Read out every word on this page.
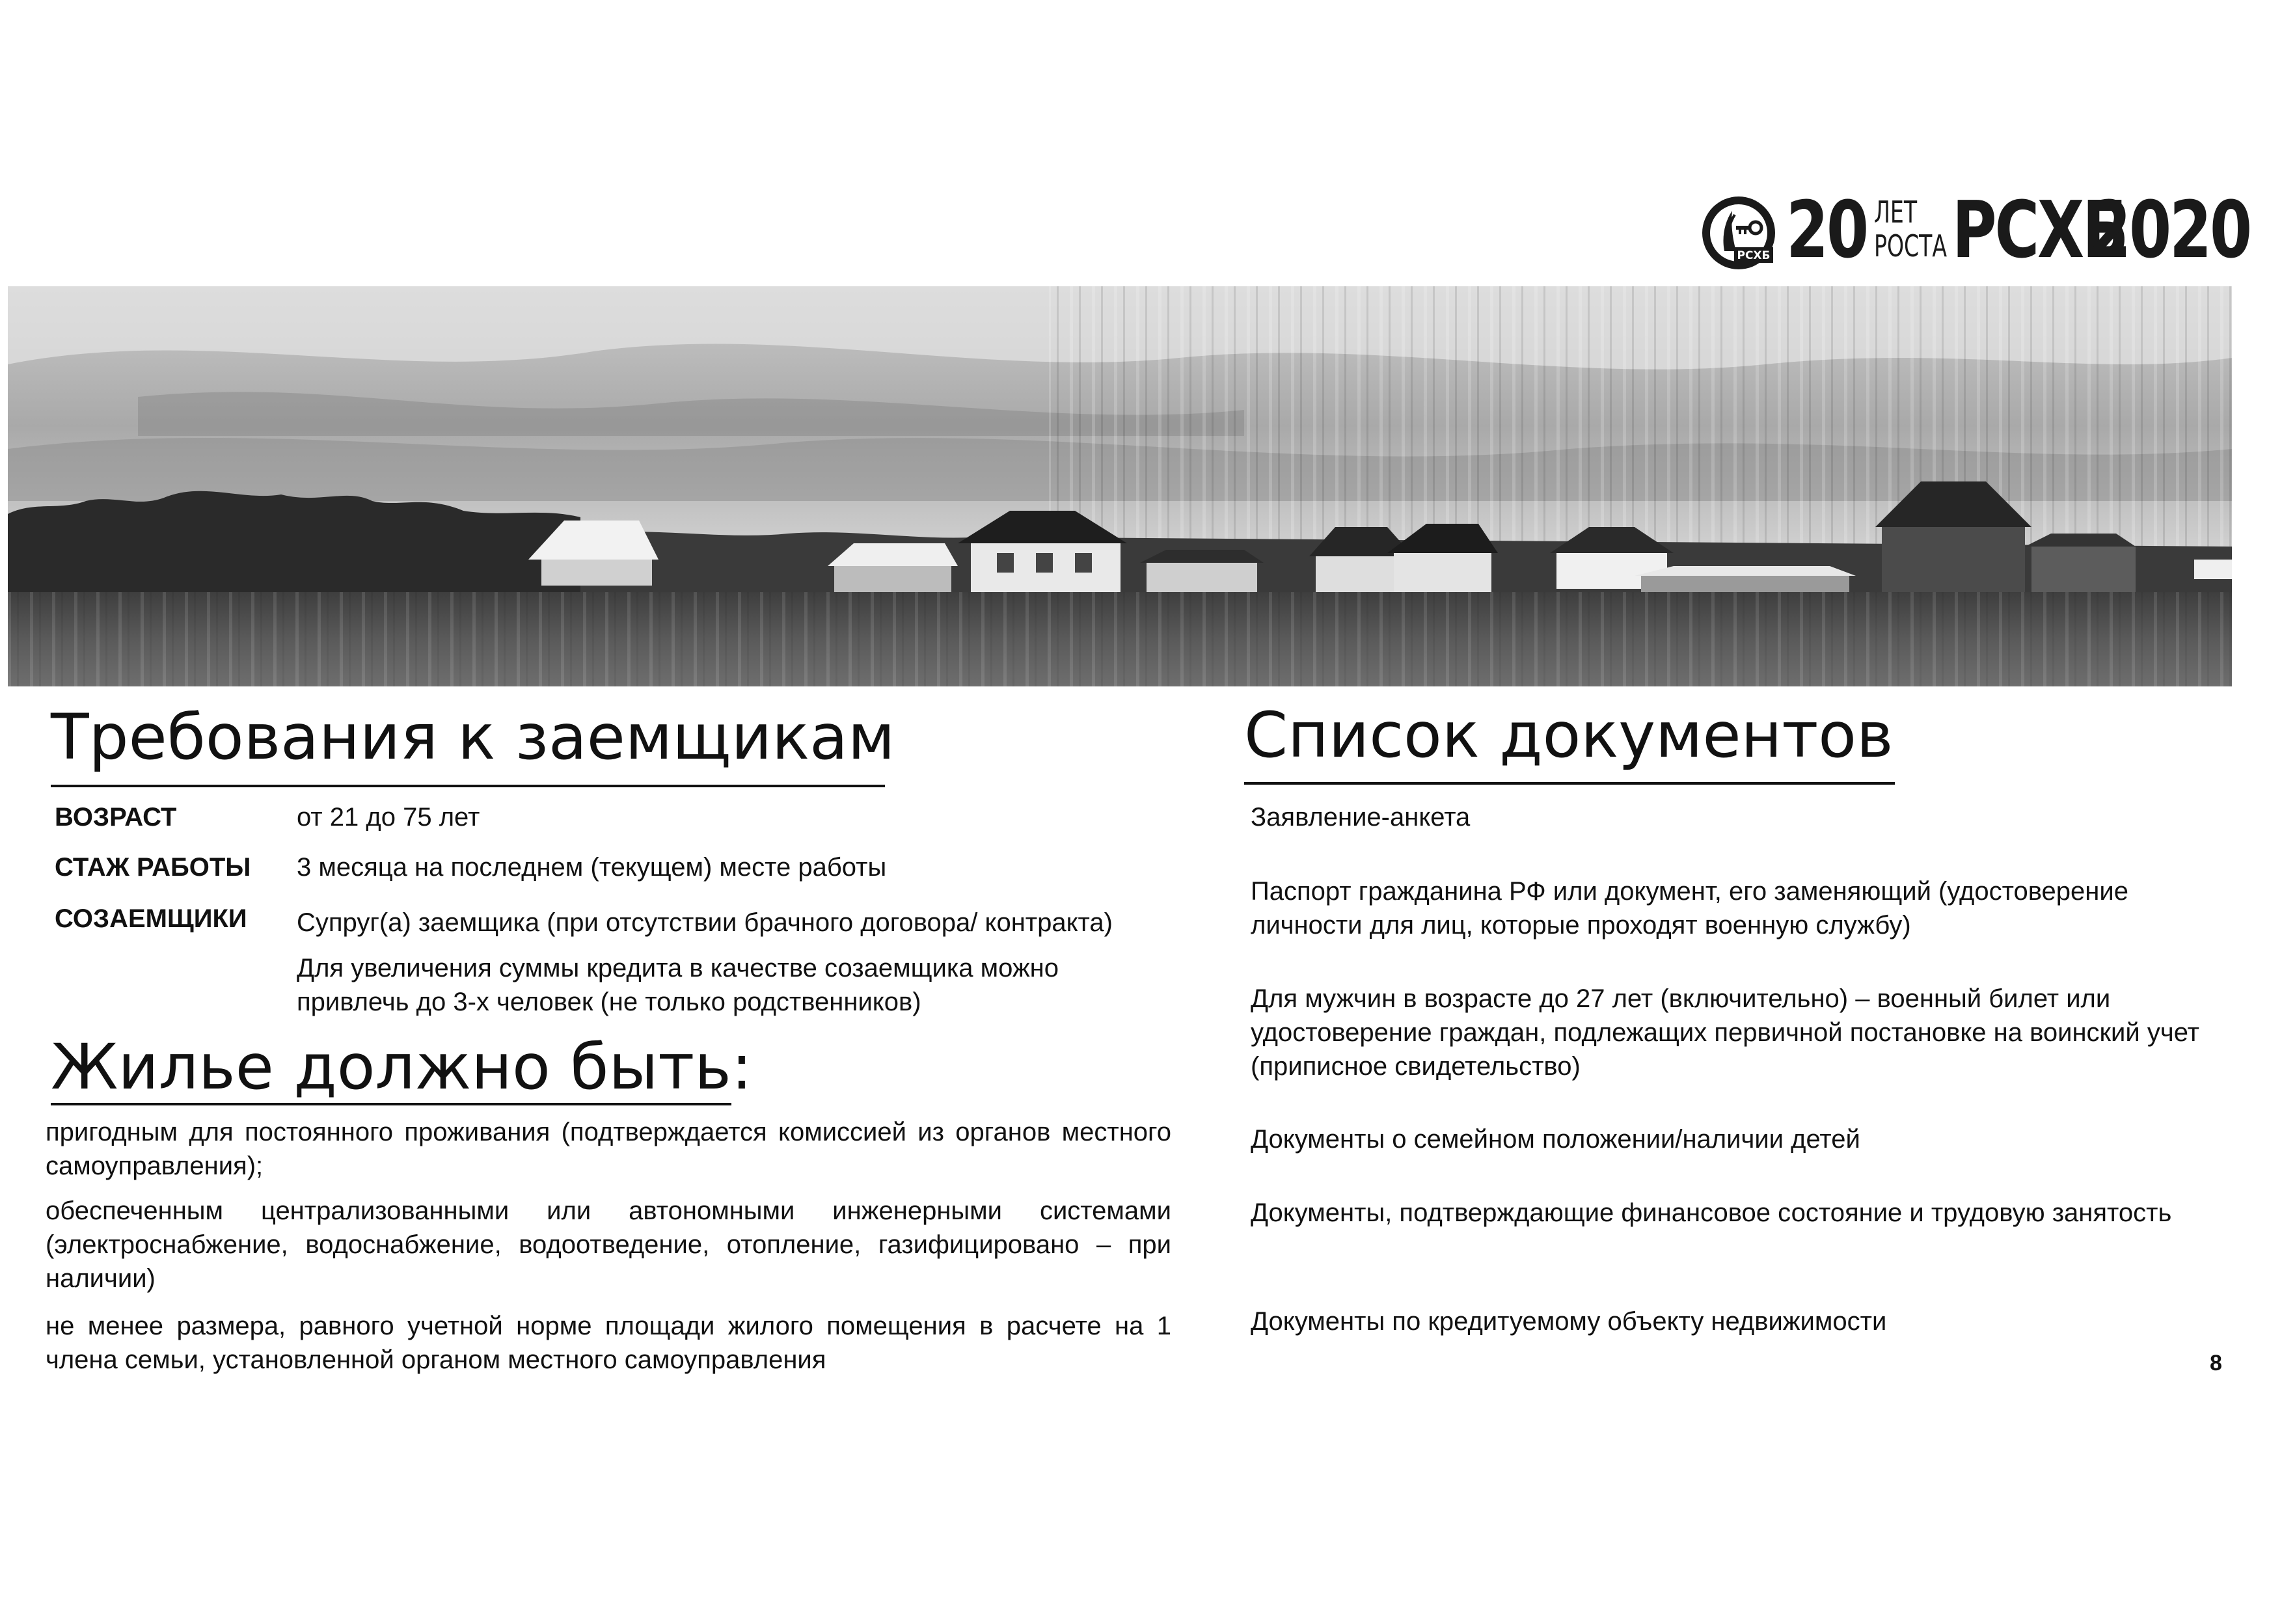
РСХБ 20 ЛЕТ
РОСТА РСХБ
2020
Требования к заемщикам
ВОЗРАСТ	от 21 до 75 лет
СТАЖ РАБОТЫ 3 месяца на последнем (текущем) месте работы
СОЗАЕМЩИКИ Супруг(а) заемщика (при отсутствии брачного договора/ контракта)
Для увеличения суммы кредита в качестве созаемщика можно привлечь до 3-х человек (не только родственников)
Жилье должно быть:
пригодным для постоянного проживания (подтверждается комиссией из органов местного самоуправления);
обеспеченным централизованными или автономными инженерными системами (электроснабжение, водоснабжение, водоотведение, отопление, газифицировано – при наличии)
не менее размера, равного учетной норме площади жилого помещения в расчете на 1 члена семьи, установленной органом местного самоуправления
Список документов
Заявление-анкета
Паспорт гражданина РФ или документ, его заменяющий (удостоверение личности для лиц, которые проходят военную службу)
Для мужчин в возрасте до 27 лет (включительно) – военный билет или удостоверение граждан, подлежащих первичной постановке на воинский учет (приписное свидетельство)
Документы о семейном положении/наличии детей
Документы, подтверждающие финансовое состояние и трудовую занятость
Документы по кредитуемому объекту недвижимости
8
